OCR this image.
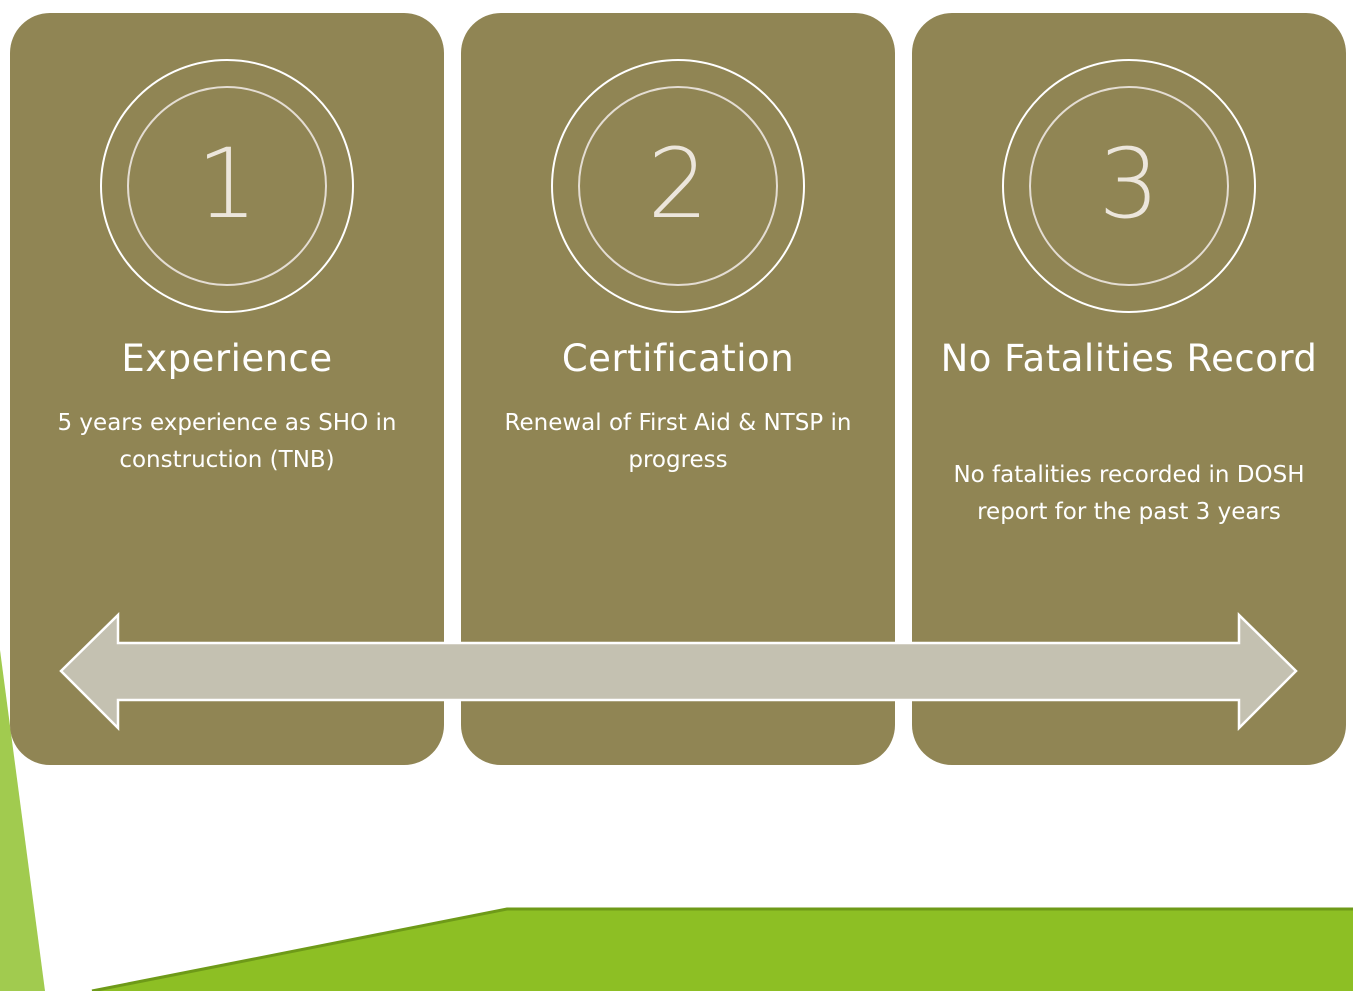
1
Experience
5 years experience as SHO in construction (TNB)
2
Certification
Renewal of First Aid & NTSP in progress
3
No Fatalities Record
No fatalities recorded in DOSH report for the past 3 years
